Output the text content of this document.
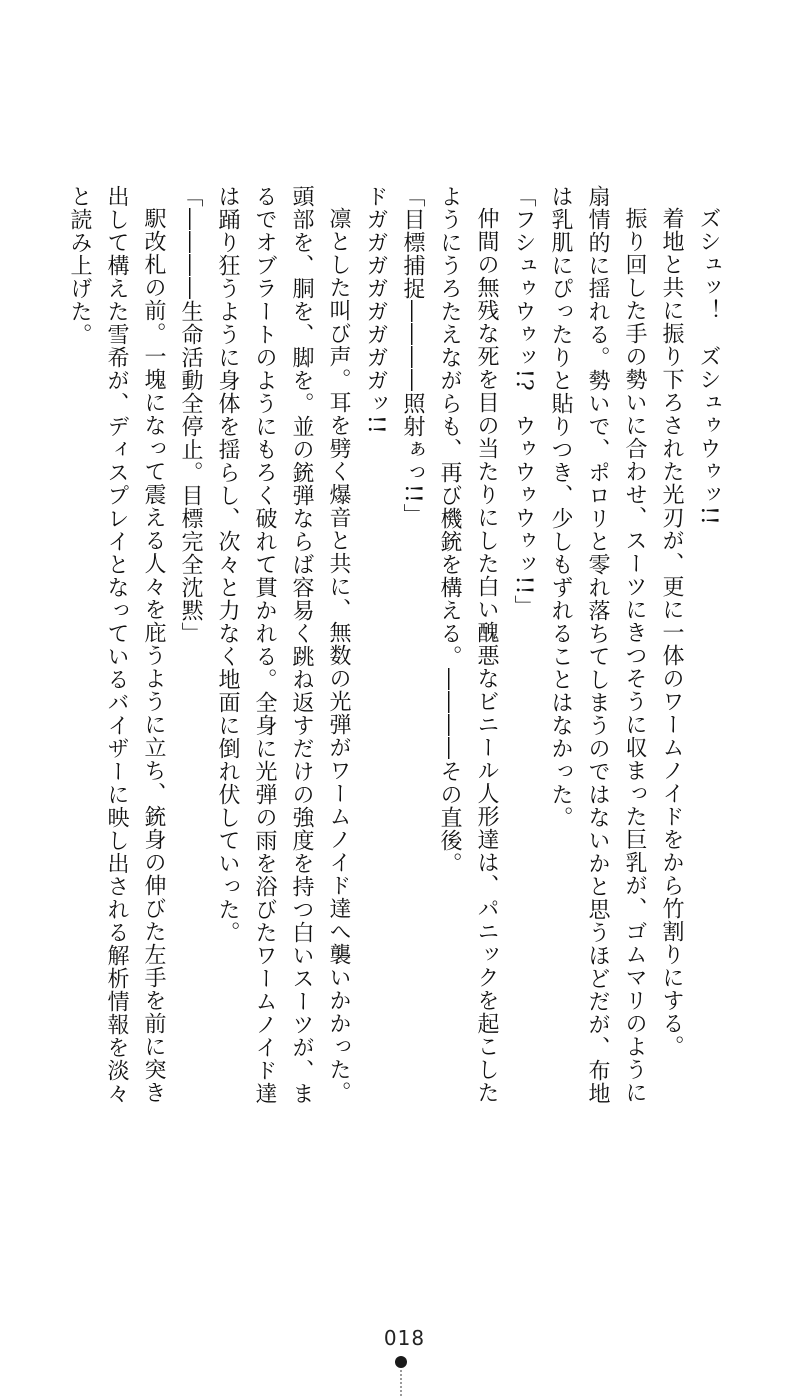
ズシュッ！　ズシュゥウゥッ!!
着地と共に振り下ろされた光刃が、更に一体のワームノイドをから竹割りにする。
振り回した手の勢いに合わせ、スーツにきつそうに収まった巨乳が、ゴムマリのように
扇情的に揺れる。勢いで、ポロリと零れ落ちてしまうのではないかと思うほどだが、布地
は乳肌にぴったりと貼りつき、少しもずれることはなかった。
「フシュゥウゥッ!?　ウゥウゥウゥッ!!」
仲間の無残な死を目の当たりにした白い醜悪なビニール人形達は、パニックを起こした
ようにうろたえながらも、再び機銃を構える。――――その直後。
「目標捕捉――――照射ぁっ!!」
ドガガガガガガガガッ!!
凛とした叫び声。耳を劈く爆音と共に、無数の光弾がワームノイド達へ襲いかかった。
頭部を、胴を、脚を。並の銃弾ならば容易く跳ね返すだけの強度を持つ白いスーツが、ま
るでオブラートのようにもろく破れて貫かれる。全身に光弾の雨を浴びたワームノイド達
は踊り狂うように身体を揺らし、次々と力なく地面に倒れ伏していった。
「――――生命活動全停止。目標完全沈黙」
駅改札の前。一塊になって震える人々を庇うように立ち、銃身の伸びた左手を前に突き
出して構えた雪希が、ディスプレイとなっているバイザーに映し出される解析情報を淡々
と読み上げた。
018
